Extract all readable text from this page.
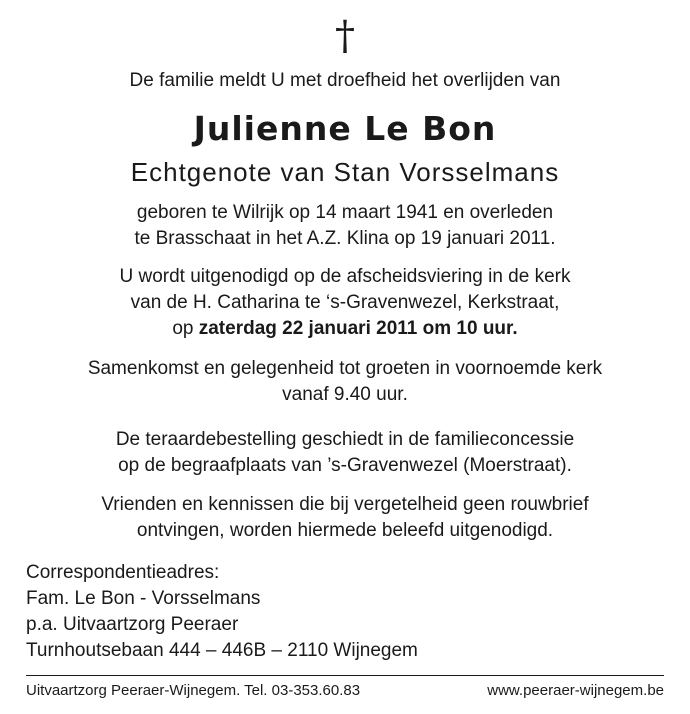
†
De familie meldt U met droefheid het overlijden van
Julienne Le Bon
Echtgenote van Stan Vorsselmans
geboren te Wilrijk op 14 maart 1941 en overleden
te Brasschaat in het A.Z. Klina op 19 januari 2011.
U wordt uitgenodigd op de afscheidsviering in de kerk
van de H. Catharina te ‘s-Gravenwezel, Kerkstraat,
op zaterdag 22 januari 2011 om 10 uur.
Samenkomst en gelegenheid tot groeten in voornoemde kerk
vanaf 9.40 uur.
De teraardebestelling geschiedt in de familieconcessie
op de begraafplaats van ’s-Gravenwezel (Moerstraat).
Vrienden en kennissen die bij vergetelheid geen rouwbrief
ontvingen, worden hiermede beleefd uitgenodigd.
Correspondentieadres:
Fam. Le Bon - Vorsselmans
p.a. Uitvaartzorg Peeraer
Turnhoutsebaan 444 – 446B – 2110 Wijnegem
Uitvaartzorg Peeraer-Wijnegem. Tel. 03-353.60.83	www.peeraer-wijnegem.be
